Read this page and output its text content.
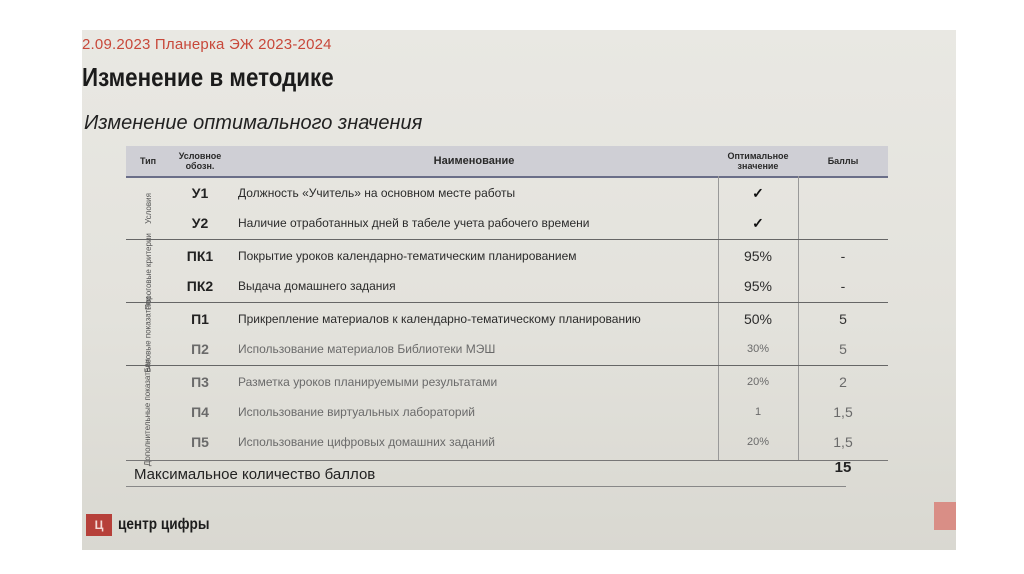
2.09.2023 Планерка ЭЖ 2023-2024
Изменение в методике
Изменение оптимального значения
Тип	Условное обозн.	Наименование	Оптимальное значение	Баллы
Условия	У1	Должность «Учитель» на основном месте работы	✓
У2	Наличие отработанных дней в табеле учета рабочего времени	✓
Пороговые критерии	ПК1	Покрытие уроков календарно-тематическим планированием	95%	-
ПК2	Выдача домашнего задания	95%	-
Базовые показатели	П1	Прикрепление материалов к календарно-тематическому планированию	50%	5
П2	Использование материалов Библиотеки МЭШ	30%	5
Дополнительные показатели	П3	Разметка уроков планируемыми результатами	20%	2
П4	Использование виртуальных лабораторий	1	1,5
П5	Использование цифровых домашних заданий	20%	1,5
Максимальное количество баллов	15
Ц центр цифры
